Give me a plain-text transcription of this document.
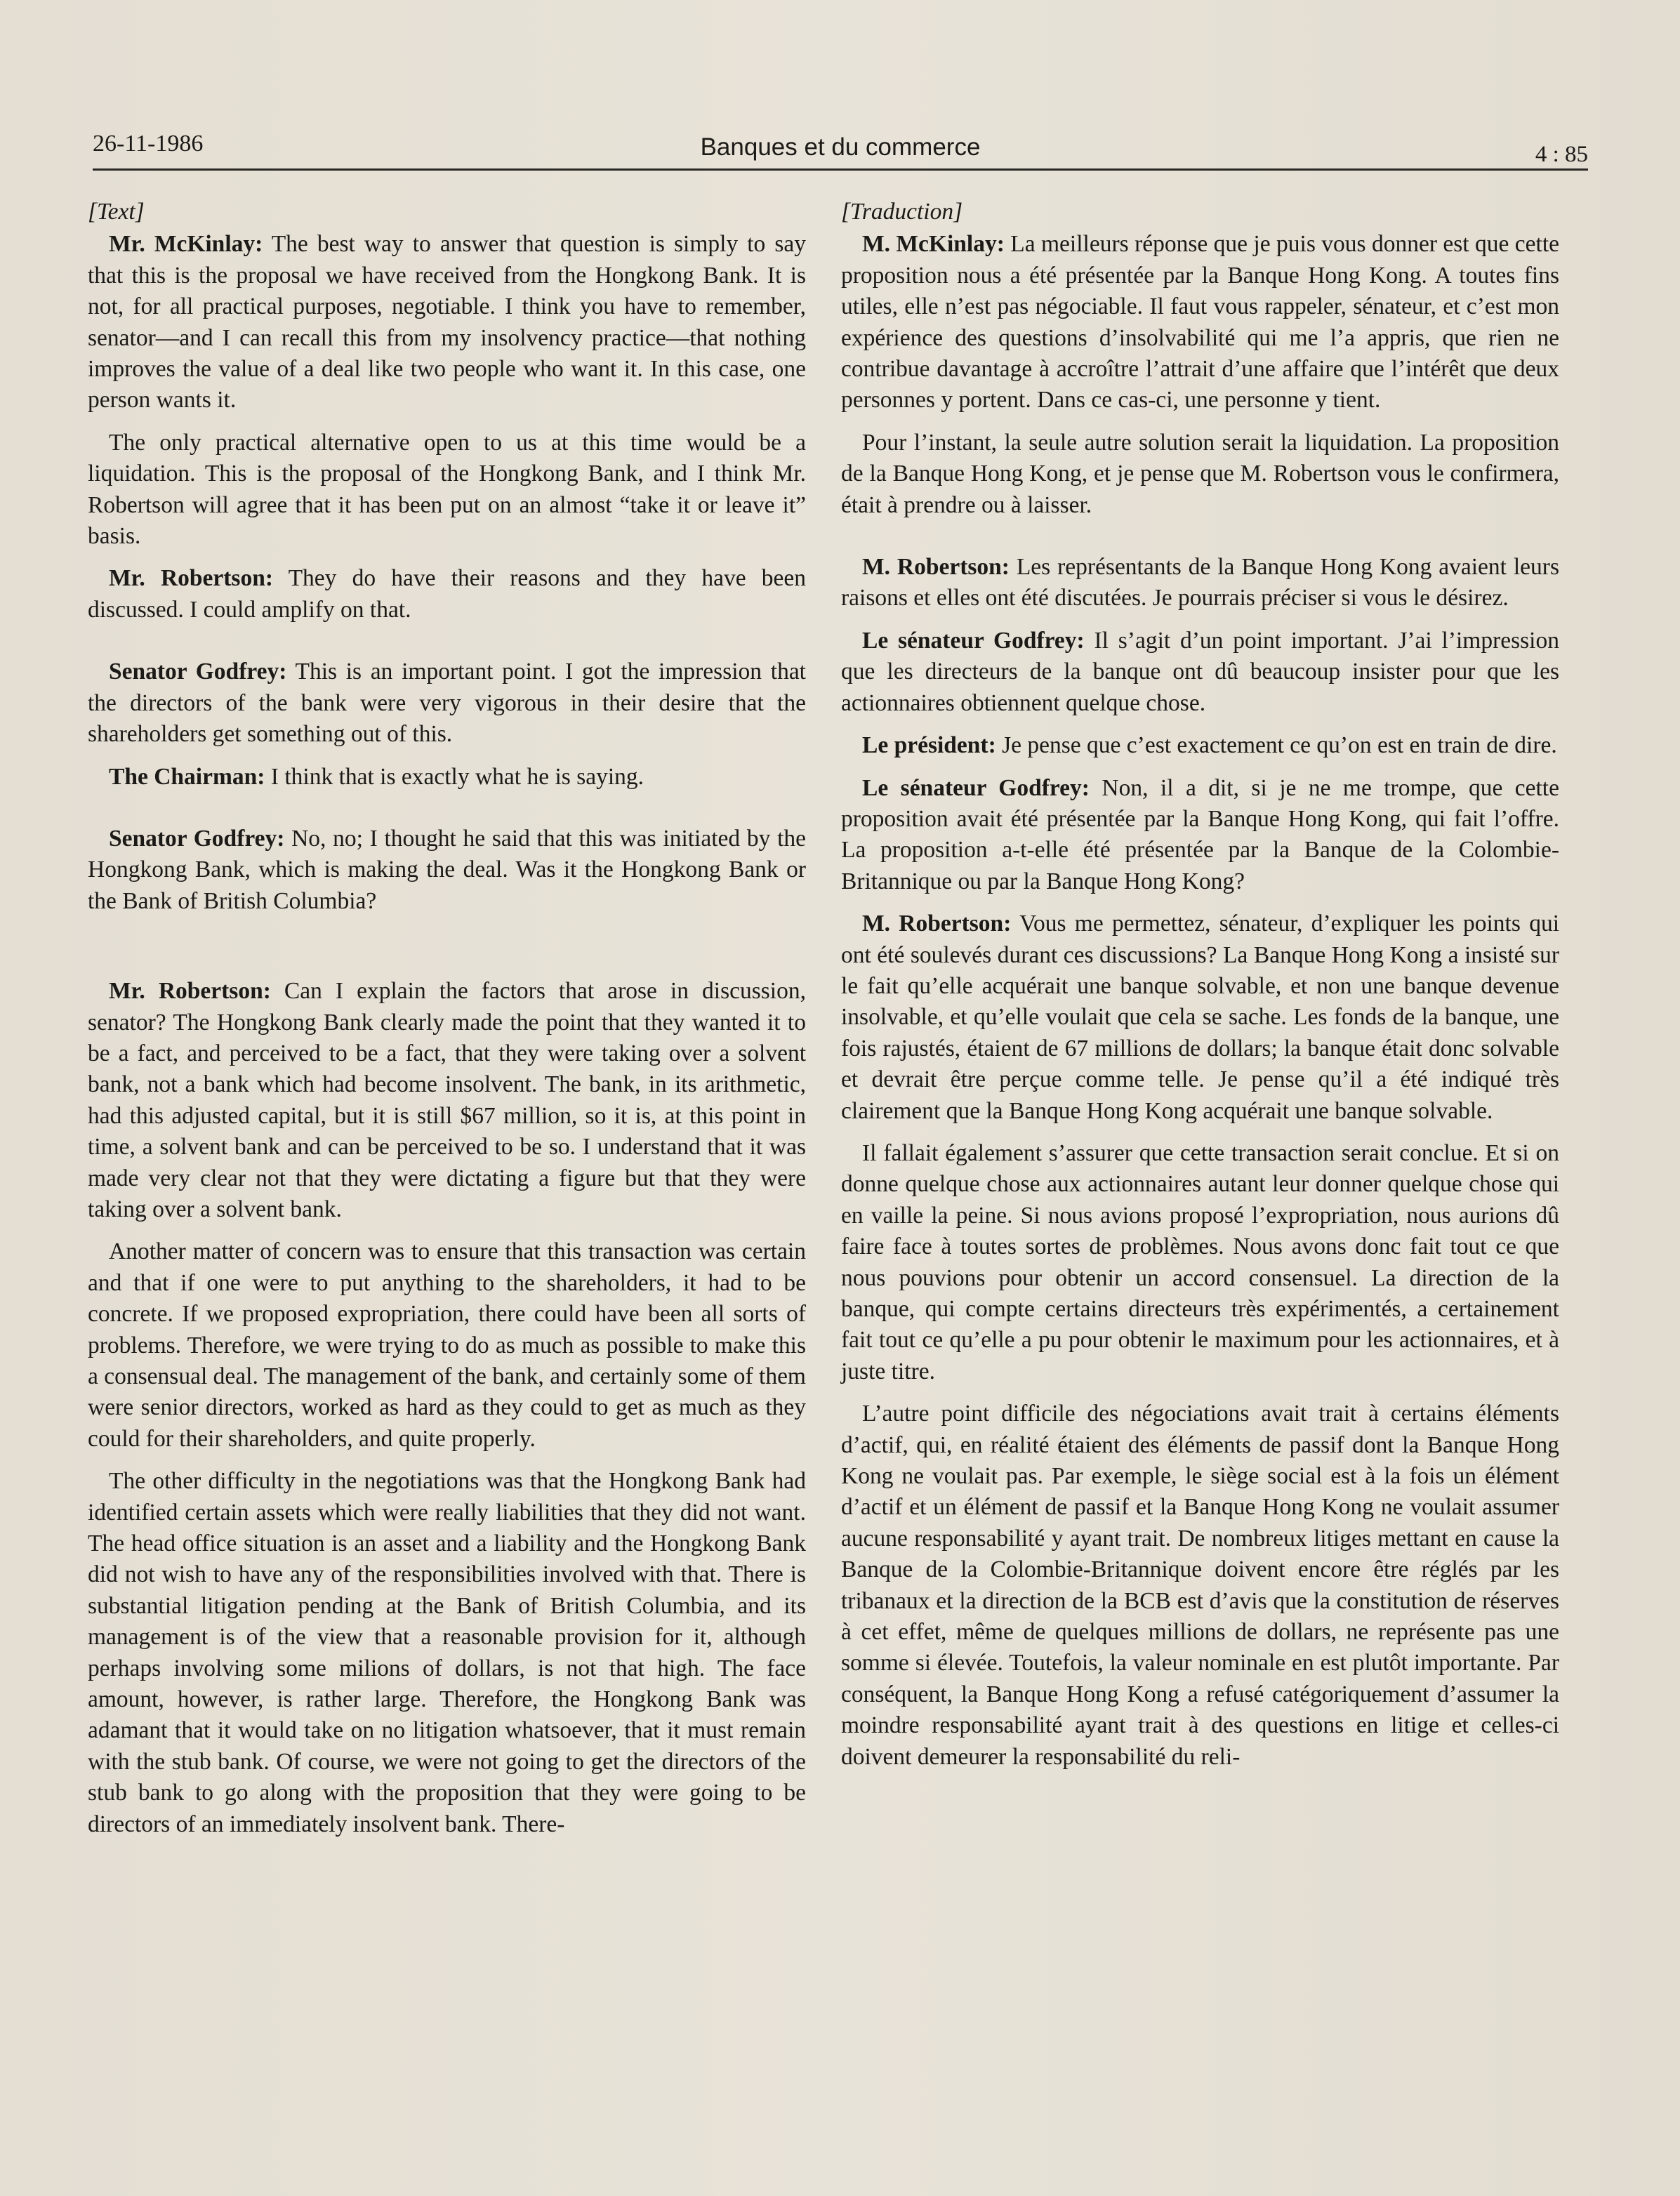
26-11-1986	Banques et du commerce	4 : 85

[Text]

Mr. McKinlay: The best way to answer that question is simply to say that this is the proposal we have received from the Hongkong Bank. It is not, for all practical purposes, negotiable. I think you have to remember, senator—and I can recall this from my insolvency practice—that nothing improves the value of a deal like two people who want it. In this case, one person wants it.

The only practical alternative open to us at this time would be a liquidation. This is the proposal of the Hongkong Bank, and I think Mr. Robertson will agree that it has been put on an almost “take it or leave it” basis.

Mr. Robertson: They do have their reasons and they have been discussed. I could amplify on that.

Senator Godfrey: This is an important point. I got the impression that the directors of the bank were very vigorous in their desire that the shareholders get something out of this.

The Chairman: I think that is exactly what he is saying.

Senator Godfrey: No, no; I thought he said that this was initiated by the Hongkong Bank, which is making the deal. Was it the Hongkong Bank or the Bank of British Columbia?

Mr. Robertson: Can I explain the factors that arose in discussion, senator? The Hongkong Bank clearly made the point that they wanted it to be a fact, and perceived to be a fact, that they were taking over a solvent bank, not a bank which had become insolvent. The bank, in its arithmetic, had this adjusted capital, but it is still $67 million, so it is, at this point in time, a solvent bank and can be perceived to be so. I understand that it was made very clear not that they were dictating a figure but that they were taking over a solvent bank.

Another matter of concern was to ensure that this transaction was certain and that if one were to put anything to the shareholders, it had to be concrete. If we proposed expropriation, there could have been all sorts of problems. Therefore, we were trying to do as much as possible to make this a consensual deal. The management of the bank, and certainly some of them were senior directors, worked as hard as they could to get as much as they could for their shareholders, and quite properly.

The other difficulty in the negotiations was that the Hongkong Bank had identified certain assets which were really liabilities that they did not want. The head office situation is an asset and a liability and the Hongkong Bank did not wish to have any of the responsibilities involved with that. There is substantial litigation pending at the Bank of British Columbia, and its management is of the view that a reasonable provision for it, although perhaps involving some milions of dollars, is not that high. The face amount, however, is rather large. Therefore, the Hongkong Bank was adamant that it would take on no litigation whatsoever, that it must remain with the stub bank. Of course, we were not going to get the directors of the stub bank to go along with the proposition that they were going to be directors of an immediately insolvent bank. There-

[Traduction]

M. McKinlay: La meilleurs réponse que je puis vous donner est que cette proposition nous a été présentée par la Banque Hong Kong. A toutes fins utiles, elle n’est pas négociable. Il faut vous rappeler, sénateur, et c’est mon expérience des questions d’insolvabilité qui me l’a appris, que rien ne contribue davantage à accroître l’attrait d’une affaire que l’intérêt que deux personnes y portent. Dans ce cas-ci, une personne y tient.

Pour l’instant, la seule autre solution serait la liquidation. La proposition de la Banque Hong Kong, et je pense que M. Robertson vous le confirmera, était à prendre ou à laisser.

M. Robertson: Les représentants de la Banque Hong Kong avaient leurs raisons et elles ont été discutées. Je pourrais préciser si vous le désirez.

Le sénateur Godfrey: Il s’agit d’un point important. J’ai l’impression que les directeurs de la banque ont dû beaucoup insister pour que les actionnaires obtiennent quelque chose.

Le président: Je pense que c’est exactement ce qu’on est en train de dire.

Le sénateur Godfrey: Non, il a dit, si je ne me trompe, que cette proposition avait été présentée par la Banque Hong Kong, qui fait l’offre. La proposition a-t-elle été présentée par la Banque de la Colombie-Britannique ou par la Banque Hong Kong?

M. Robertson: Vous me permettez, sénateur, d’expliquer les points qui ont été soulevés durant ces discussions? La Banque Hong Kong a insisté sur le fait qu’elle acquérait une banque solvable, et non une banque devenue insolvable, et qu’elle voulait que cela se sache. Les fonds de la banque, une fois rajustés, étaient de 67 millions de dollars; la banque était donc solvable et devrait être perçue comme telle. Je pense qu’il a été indiqué très clairement que la Banque Hong Kong acquérait une banque solvable.

Il fallait également s’assurer que cette transaction serait conclue. Et si on donne quelque chose aux actionnaires autant leur donner quelque chose qui en vaille la peine. Si nous avions proposé l’expropriation, nous aurions dû faire face à toutes sortes de problèmes. Nous avons donc fait tout ce que nous pouvions pour obtenir un accord consensuel. La direction de la banque, qui compte certains directeurs très expérimentés, a certainement fait tout ce qu’elle a pu pour obtenir le maximum pour les actionnaires, et à juste titre.

L’autre point difficile des négociations avait trait à certains éléments d’actif, qui, en réalité étaient des éléments de passif dont la Banque Hong Kong ne voulait pas. Par exemple, le siège social est à la fois un élément d’actif et un élément de passif et la Banque Hong Kong ne voulait assumer aucune responsabilité y ayant trait. De nombreux litiges mettant en cause la Banque de la Colombie-Britannique doivent encore être réglés par les tribanaux et la direction de la BCB est d’avis que la constitution de réserves à cet effet, même de quelques millions de dollars, ne représente pas une somme si élevée. Toutefois, la valeur nominale en est plutôt importante. Par conséquent, la Banque Hong Kong a refusé catégoriquement d’assumer la moindre responsabilité ayant trait à des questions en litige et celles-ci doivent demeurer la responsabilité du reli-
